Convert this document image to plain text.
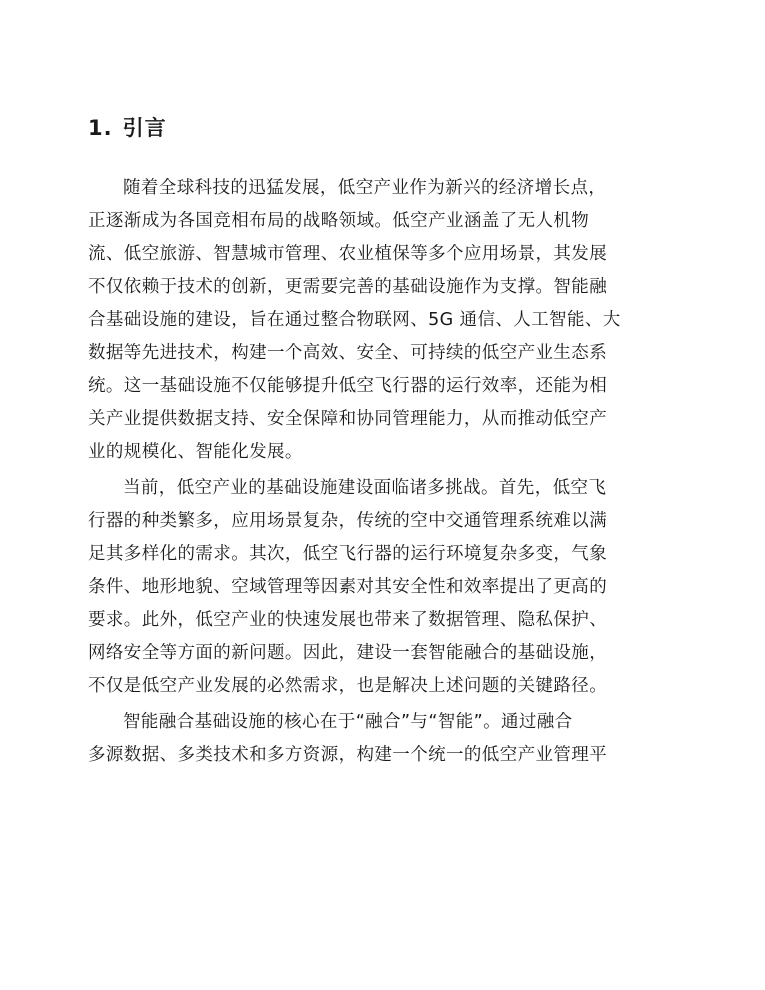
1. 引言
随着全球科技的迅猛发展，低空产业作为新兴的经济增长点，
正逐渐成为各国竞相布局的战略领域。低空产业涵盖了无人机物
流、低空旅游、智慧城市管理、农业植保等多个应用场景，其发展
不仅依赖于技术的创新，更需要完善的基础设施作为支撑。智能融
合基础设施的建设，旨在通过整合物联网、5G 通信、人工智能、大
数据等先进技术，构建一个高效、安全、可持续的低空产业生态系
统。这一基础设施不仅能够提升低空飞行器的运行效率，还能为相
关产业提供数据支持、安全保障和协同管理能力，从而推动低空产
业的规模化、智能化发展。
当前，低空产业的基础设施建设面临诸多挑战。首先，低空飞
行器的种类繁多，应用场景复杂，传统的空中交通管理系统难以满
足其多样化的需求。其次，低空飞行器的运行环境复杂多变，气象
条件、地形地貌、空域管理等因素对其安全性和效率提出了更高的
要求。此外，低空产业的快速发展也带来了数据管理、隐私保护、
网络安全等方面的新问题。因此，建设一套智能融合的基础设施，
不仅是低空产业发展的必然需求，也是解决上述问题的关键路径。
智能融合基础设施的核心在于“融合”与“智能”。通过融合
多源数据、多类技术和多方资源，构建一个统一的低空产业管理平
